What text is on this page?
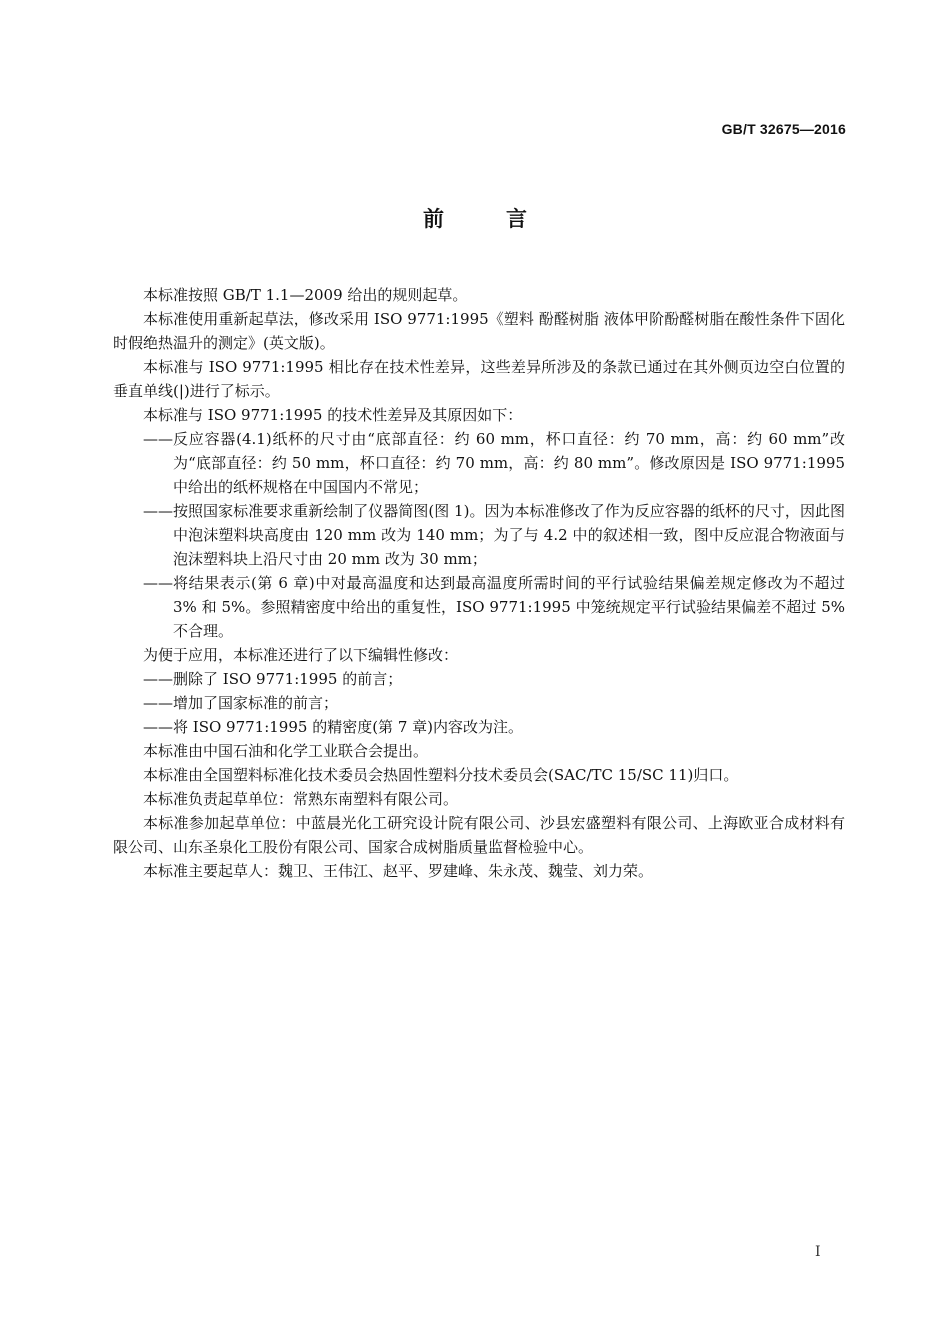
GB/T 32675—2016
前	言

本标准按照 GB/T 1.1—2009 给出的规则起草。

本标准使用重新起草法，修改采用 ISO 9771:1995《塑料 酚醛树脂 液体甲阶酚醛树脂在酸性条件下固化时假绝热温升的测定》(英文版)。

本标准与 ISO 9771:1995 相比存在技术性差异，这些差异所涉及的条款已通过在其外侧页边空白位置的垂直单线(|)进行了标示。

本标准与 ISO 9771:1995 的技术性差异及其原因如下：

—— 反应容器(4.1)纸杯的尺寸由“底部直径：约 60 mm，杯口直径：约 70 mm，高：约 60 mm”改为“底部直径：约 50 mm，杯口直径：约 70 mm，高：约 80 mm”。修改原因是 ISO 9771:1995 中给出的纸杯规格在中国国内不常见；
—— 按照国家标准要求重新绘制了仪器简图(图 1)。因为本标准修改了作为反应容器的纸杯的尺寸，因此图中泡沫塑料块高度由 120 mm 改为 140 mm；为了与 4.2 中的叙述相一致，图中反应混合物液面与泡沫塑料块上沿尺寸由 20 mm 改为 30 mm；
—— 将结果表示(第 6 章)中对最高温度和达到最高温度所需时间的平行试验结果偏差规定修改为不超过 3% 和 5%。参照精密度中给出的重复性，ISO 9771:1995 中笼统规定平行试验结果偏差不超过 5% 不合理。

为便于应用，本标准还进行了以下编辑性修改：

—— 删除了 ISO 9771:1995 的前言；
—— 增加了国家标准的前言；
—— 将 ISO 9771:1995 的精密度(第 7 章)内容改为注。

本标准由中国石油和化学工业联合会提出。

本标准由全国塑料标准化技术委员会热固性塑料分技术委员会(SAC/TC 15/SC 11)归口。

本标准负责起草单位：常熟东南塑料有限公司。

本标准参加起草单位：中蓝晨光化工研究设计院有限公司、沙县宏盛塑料有限公司、上海欧亚合成材料有限公司、山东圣泉化工股份有限公司、国家合成树脂质量监督检验中心。

本标准主要起草人：魏卫、王伟江、赵平、罗建峰、朱永茂、魏莹、刘力荣。

I
